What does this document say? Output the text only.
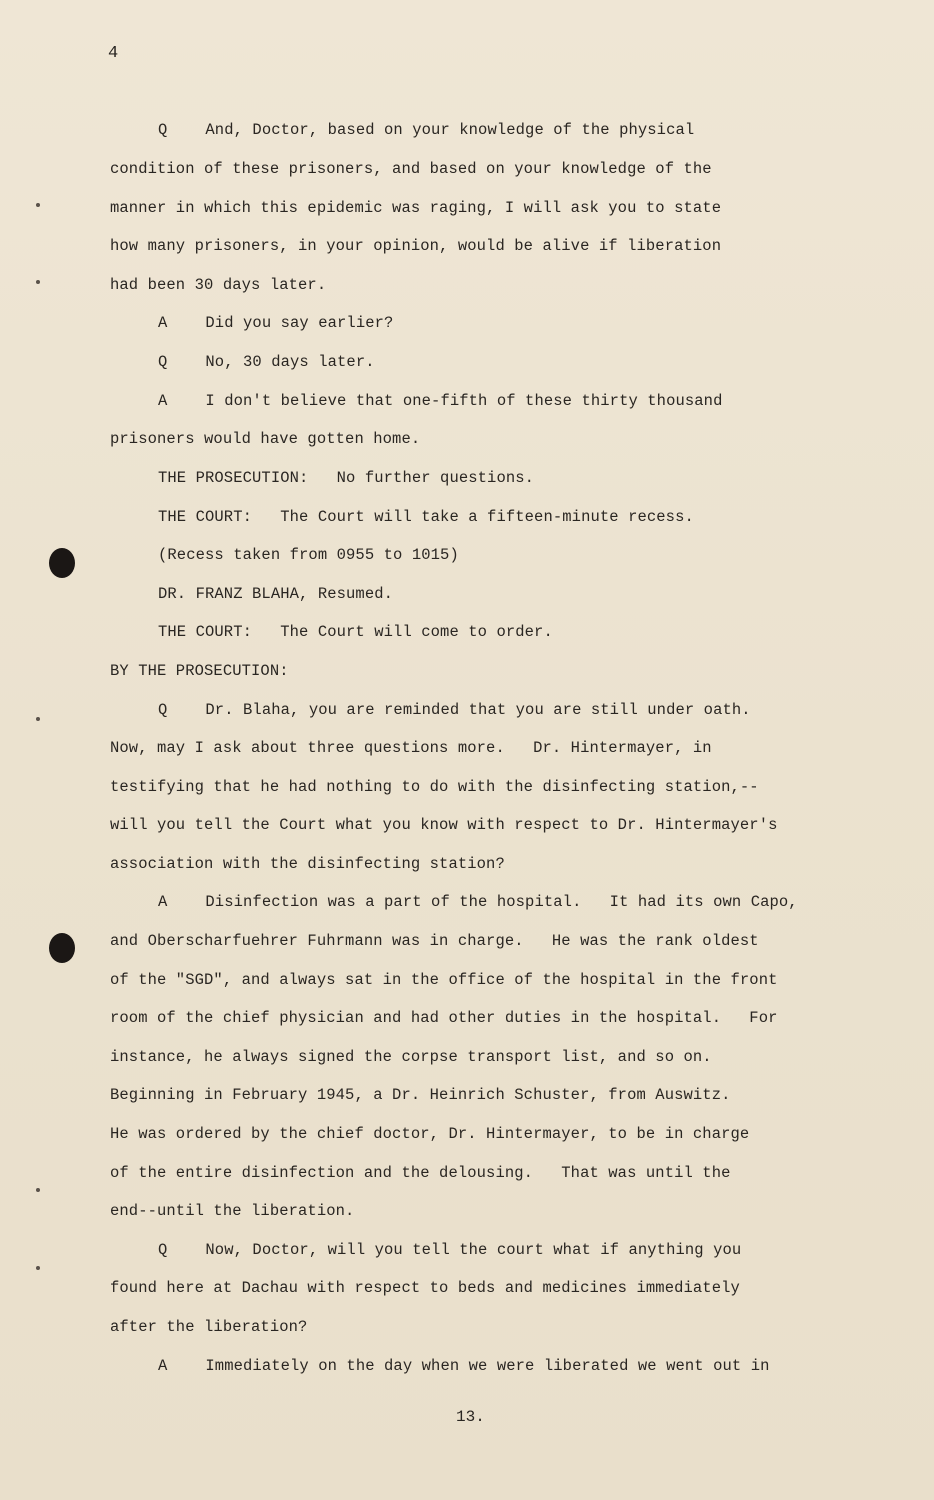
4
Q And, Doctor, based on your knowledge of the physical
condition of these prisoners, and based on your knowledge of the
manner in which this epidemic was raging, I will ask you to state
how many prisoners, in your opinion, would be alive if liberation
had been 30 days later.
A Did you say earlier?
Q No, 30 days later.
A I don't believe that one-fifth of these thirty thousand
prisoners would have gotten home.
THE PROSECUTION:   No further questions.
THE COURT:   The Court will take a fifteen-minute recess.
(Recess taken from 0955 to 1015)
DR. FRANZ BLAHA, Resumed.
THE COURT:   The Court will come to order.
BY THE PROSECUTION:
Q Dr. Blaha, you are reminded that you are still under oath.
Now, may I ask about three questions more.   Dr. Hintermayer, in
testifying that he had nothing to do with the disinfecting station,--
will you tell the Court what you know with respect to Dr. Hintermayer's
association with the disinfecting station?
A Disinfection was a part of the hospital.   It had its own Capo,
and Oberscharfuehrer Fuhrmann was in charge.   He was the rank oldest
of the "SGD", and always sat in the office of the hospital in the front
room of the chief physician and had other duties in the hospital.   For
instance, he always signed the corpse transport list, and so on.
Beginning in February 1945, a Dr. Heinrich Schuster, from Auswitz.
He was ordered by the chief doctor, Dr. Hintermayer, to be in charge
of the entire disinfection and the delousing.   That was until the
end--until the liberation.
Q Now, Doctor, will you tell the court what if anything you
found here at Dachau with respect to beds and medicines immediately
after the liberation?
A Immediately on the day when we were liberated we went out in
13.
